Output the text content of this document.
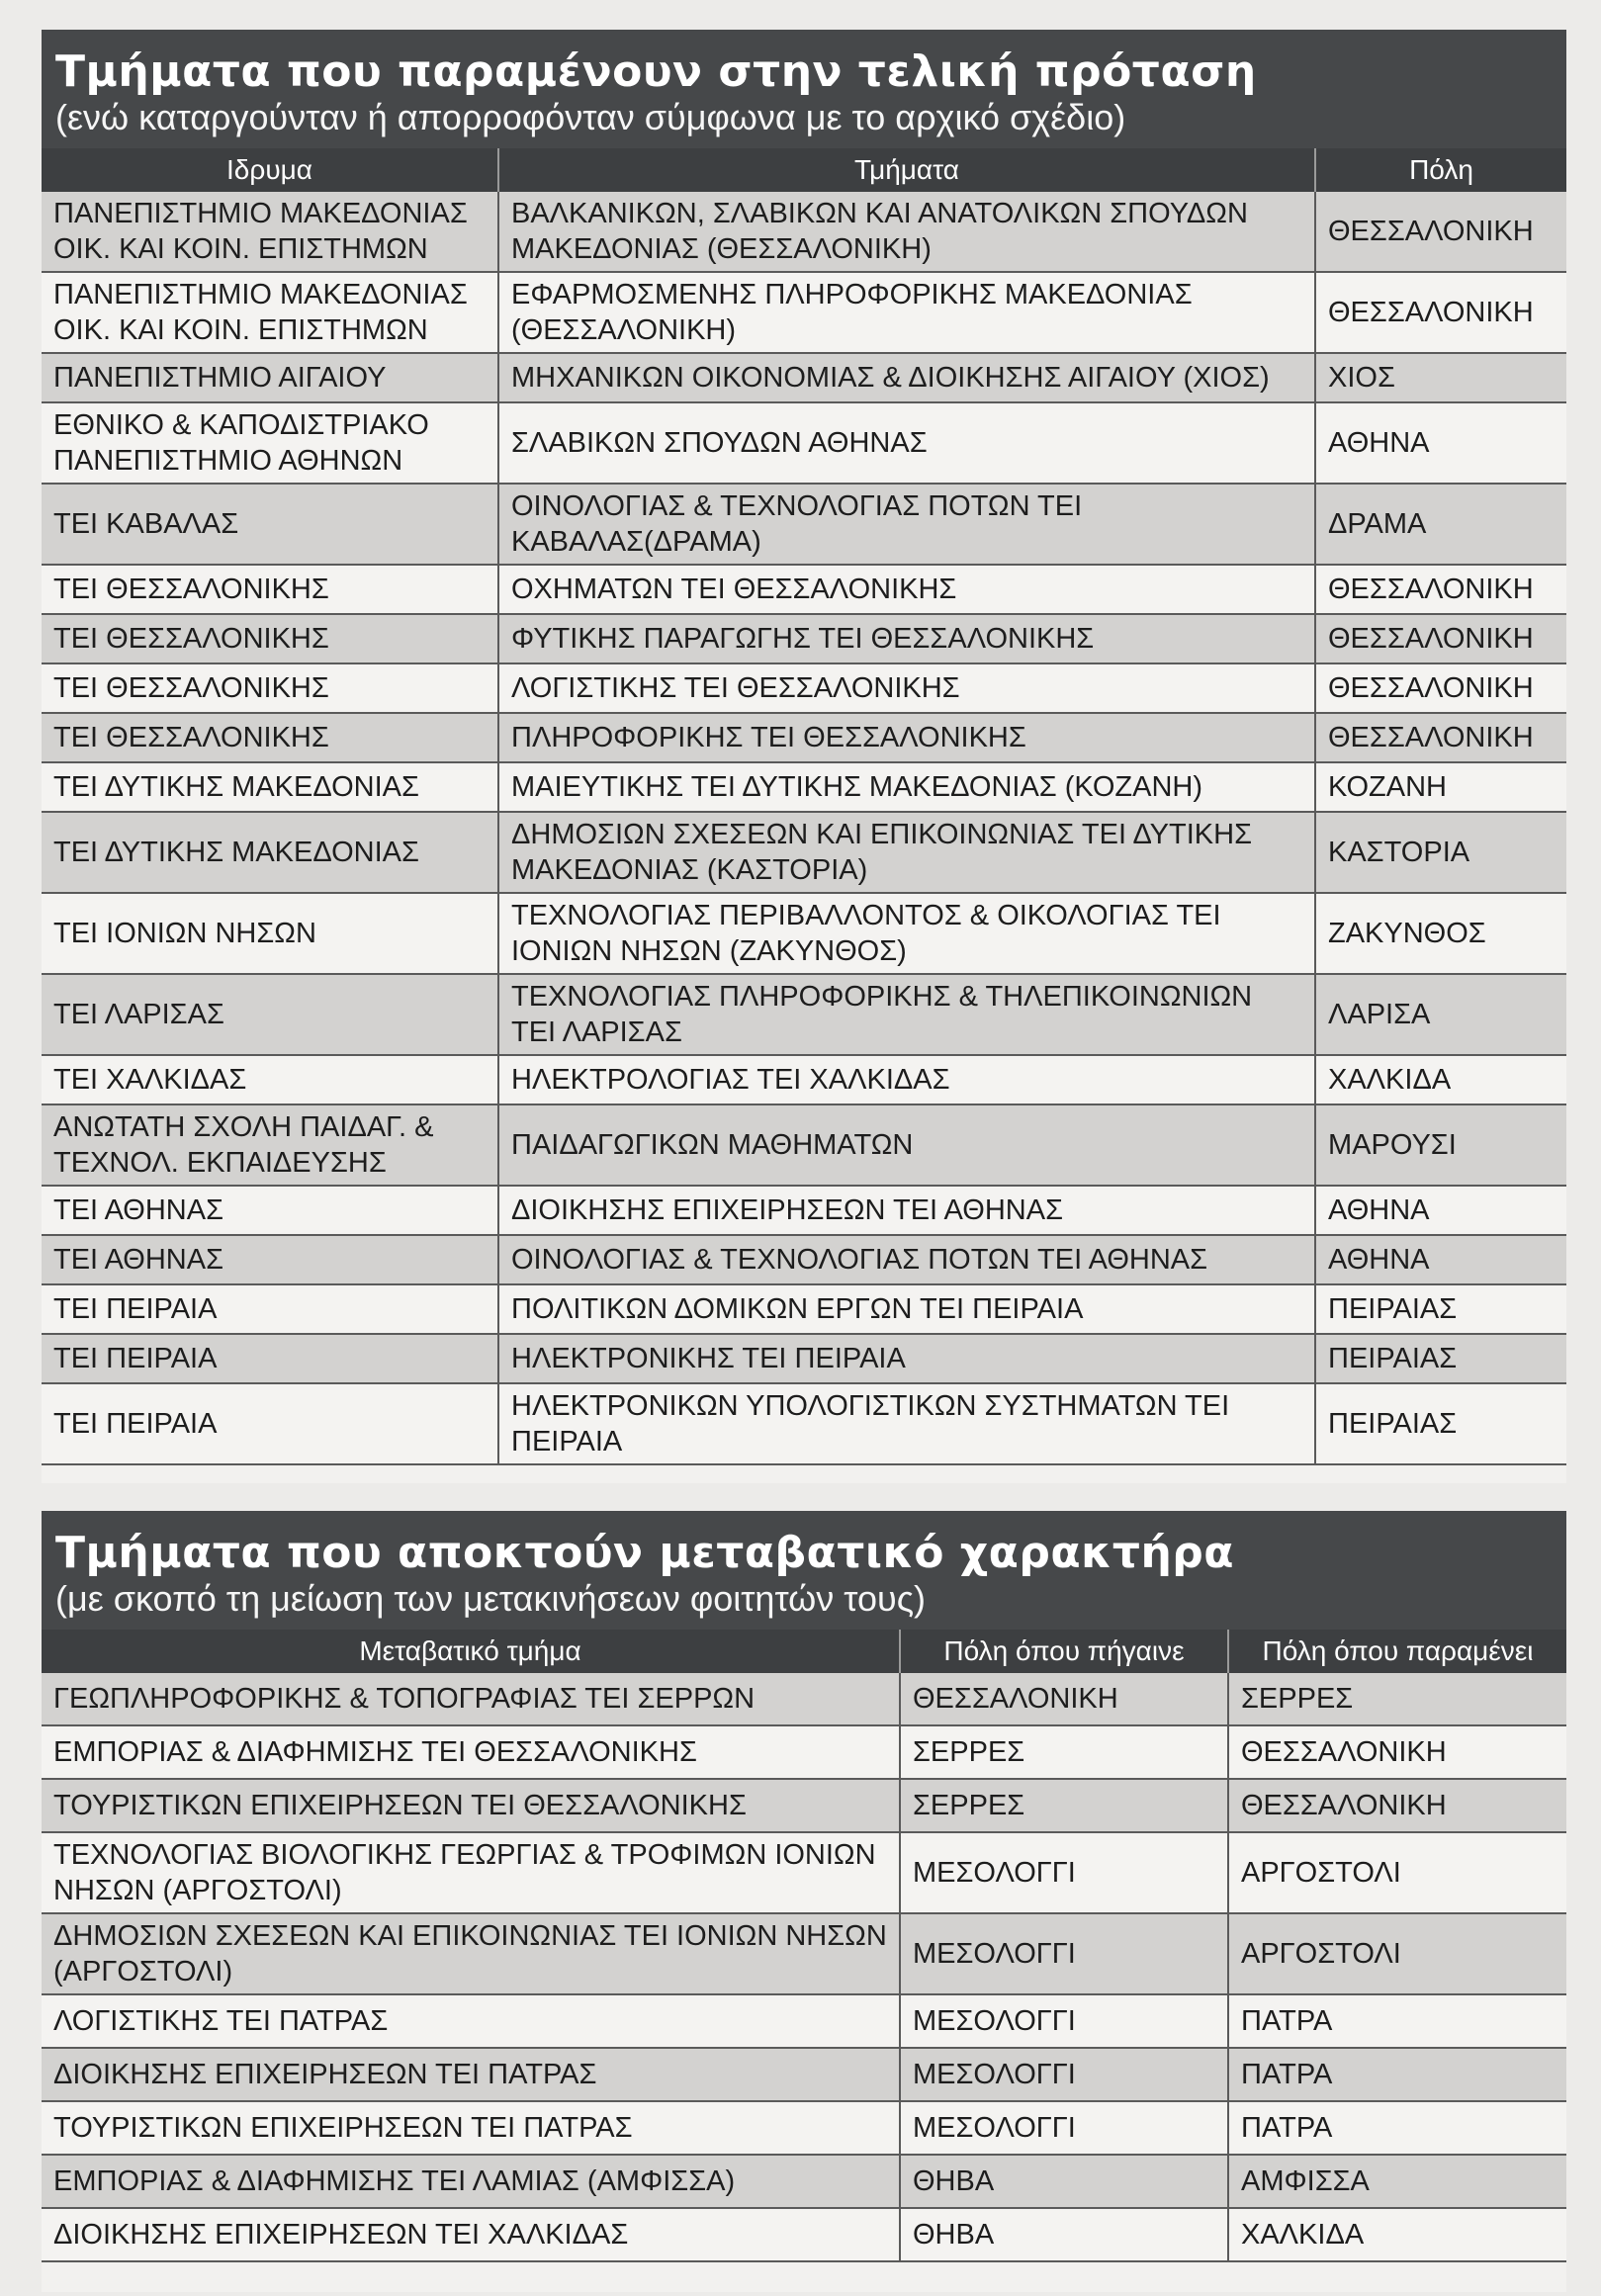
Τμήματα που παραμένουν στην τελική πρόταση
(ενώ καταργούνταν ή απορροφόνταν σύμφωνα με το αρχικό σχέδιο)
Ιδρυμα	Τμήματα	Πόλη
ΠΑΝΕΠΙΣΤΗΜΙΟ ΜΑΚΕΔΟΝΙΑΣ ΟΙΚ. ΚΑΙ ΚΟΙΝ. ΕΠΙΣΤΗΜΩΝ	ΒΑΛΚΑΝΙΚΩΝ, ΣΛΑΒΙΚΩΝ ΚΑΙ ΑΝΑΤΟΛΙΚΩΝ ΣΠΟΥΔΩΝ ΜΑΚΕΔΟΝΙΑΣ (ΘΕΣΣΑΛΟΝΙΚΗ)	ΘΕΣΣΑΛΟΝΙΚΗ
ΠΑΝΕΠΙΣΤΗΜΙΟ ΜΑΚΕΔΟΝΙΑΣ ΟΙΚ. ΚΑΙ ΚΟΙΝ. ΕΠΙΣΤΗΜΩΝ	ΕΦΑΡΜΟΣΜΕΝΗΣ ΠΛΗΡΟΦΟΡΙΚΗΣ ΜΑΚΕΔΟΝΙΑΣ (ΘΕΣΣΑΛΟΝΙΚΗ)	ΘΕΣΣΑΛΟΝΙΚΗ
ΠΑΝΕΠΙΣΤΗΜΙΟ ΑΙΓΑΙΟΥ	ΜΗΧΑΝΙΚΩΝ ΟΙΚΟΝΟΜΙΑΣ & ΔΙΟΙΚΗΣΗΣ ΑΙΓΑΙΟΥ (ΧΙΟΣ)	ΧΙΟΣ
ΕΘΝΙΚΟ & ΚΑΠΟΔΙΣΤΡΙΑΚΟ ΠΑΝΕΠΙΣΤΗΜΙΟ ΑΘΗΝΩΝ	ΣΛΑΒΙΚΩΝ ΣΠΟΥΔΩΝ ΑΘΗΝΑΣ	ΑΘΗΝΑ
ΤΕΙ ΚΑΒΑΛΑΣ	ΟΙΝΟΛΟΓΙΑΣ & ΤΕΧΝΟΛΟΓΙΑΣ ΠΟΤΩΝ ΤΕΙ ΚΑΒΑΛΑΣ(ΔΡΑΜΑ)	ΔΡΑΜΑ
ΤΕΙ ΘΕΣΣΑΛΟΝΙΚΗΣ	ΟΧΗΜΑΤΩΝ ΤΕΙ ΘΕΣΣΑΛΟΝΙΚΗΣ	ΘΕΣΣΑΛΟΝΙΚΗ
ΤΕΙ ΘΕΣΣΑΛΟΝΙΚΗΣ	ΦΥΤΙΚΗΣ ΠΑΡΑΓΩΓΗΣ ΤΕΙ ΘΕΣΣΑΛΟΝΙΚΗΣ	ΘΕΣΣΑΛΟΝΙΚΗ
ΤΕΙ ΘΕΣΣΑΛΟΝΙΚΗΣ	ΛΟΓΙΣΤΙΚΗΣ ΤΕΙ ΘΕΣΣΑΛΟΝΙΚΗΣ	ΘΕΣΣΑΛΟΝΙΚΗ
ΤΕΙ ΘΕΣΣΑΛΟΝΙΚΗΣ	ΠΛΗΡΟΦΟΡΙΚΗΣ ΤΕΙ ΘΕΣΣΑΛΟΝΙΚΗΣ	ΘΕΣΣΑΛΟΝΙΚΗ
ΤΕΙ ΔΥΤΙΚΗΣ ΜΑΚΕΔΟΝΙΑΣ	ΜΑΙΕΥΤΙΚΗΣ ΤΕΙ ΔΥΤΙΚΗΣ ΜΑΚΕΔΟΝΙΑΣ (ΚΟΖΑΝΗ)	ΚΟΖΑΝΗ
ΤΕΙ ΔΥΤΙΚΗΣ ΜΑΚΕΔΟΝΙΑΣ	ΔΗΜΟΣΙΩΝ ΣΧΕΣΕΩΝ ΚΑΙ ΕΠΙΚΟΙΝΩΝΙΑΣ ΤΕΙ ΔΥΤΙΚΗΣ ΜΑΚΕΔΟΝΙΑΣ (ΚΑΣΤΟΡΙΑ)	ΚΑΣΤΟΡΙΑ
ΤΕΙ ΙΟΝΙΩΝ ΝΗΣΩΝ	ΤΕΧΝΟΛΟΓΙΑΣ ΠΕΡΙΒΑΛΛΟΝΤΟΣ & ΟΙΚΟΛΟΓΙΑΣ ΤΕΙ ΙΟΝΙΩΝ ΝΗΣΩΝ (ΖΑΚΥΝΘΟΣ)	ΖΑΚΥΝΘΟΣ
ΤΕΙ ΛΑΡΙΣΑΣ	ΤΕΧΝΟΛΟΓΙΑΣ ΠΛΗΡΟΦΟΡΙΚΗΣ & ΤΗΛΕΠΙΚΟΙΝΩΝΙΩΝ ΤΕΙ ΛΑΡΙΣΑΣ	ΛΑΡΙΣΑ
ΤΕΙ ΧΑΛΚΙΔΑΣ	ΗΛΕΚΤΡΟΛΟΓΙΑΣ ΤΕΙ ΧΑΛΚΙΔΑΣ	ΧΑΛΚΙΔΑ
ΑΝΩΤΑΤΗ ΣΧΟΛΗ ΠΑΙΔΑΓ. & ΤΕΧΝΟΛ. ΕΚΠΑΙΔΕΥΣΗΣ	ΠΑΙΔΑΓΩΓΙΚΩΝ ΜΑΘΗΜΑΤΩΝ	ΜΑΡΟΥΣΙ
ΤΕΙ ΑΘΗΝΑΣ	ΔΙΟΙΚΗΣΗΣ ΕΠΙΧΕΙΡΗΣΕΩΝ ΤΕΙ ΑΘΗΝΑΣ	ΑΘΗΝΑ
ΤΕΙ ΑΘΗΝΑΣ	ΟΙΝΟΛΟΓΙΑΣ & ΤΕΧΝΟΛΟΓΙΑΣ ΠΟΤΩΝ ΤΕΙ ΑΘΗΝΑΣ	ΑΘΗΝΑ
ΤΕΙ ΠΕΙΡΑΙΑ	ΠΟΛΙΤΙΚΩΝ ΔΟΜΙΚΩΝ ΕΡΓΩΝ ΤΕΙ ΠΕΙΡΑΙΑ	ΠΕΙΡΑΙΑΣ
ΤΕΙ ΠΕΙΡΑΙΑ	ΗΛΕΚΤΡΟΝΙΚΗΣ ΤΕΙ ΠΕΙΡΑΙΑ	ΠΕΙΡΑΙΑΣ
ΤΕΙ ΠΕΙΡΑΙΑ	ΗΛΕΚΤΡΟΝΙΚΩΝ ΥΠΟΛΟΓΙΣΤΙΚΩΝ ΣΥΣΤΗΜΑΤΩΝ ΤΕΙ ΠΕΙΡΑΙΑ	ΠΕΙΡΑΙΑΣ
Τμήματα που αποκτούν μεταβατικό χαρακτήρα
(με σκοπό τη μείωση των μετακινήσεων φοιτητών τους)
Μεταβατικό τμήμα	Πόλη όπου πήγαινε	Πόλη όπου παραμένει
ΓΕΩΠΛΗΡΟΦΟΡΙΚΗΣ & ΤΟΠΟΓΡΑΦΙΑΣ ΤΕΙ ΣΕΡΡΩΝ	ΘΕΣΣΑΛΟΝΙΚΗ	ΣΕΡΡΕΣ
ΕΜΠΟΡΙΑΣ & ΔΙΑΦΗΜΙΣΗΣ ΤΕΙ ΘΕΣΣΑΛΟΝΙΚΗΣ	ΣΕΡΡΕΣ	ΘΕΣΣΑΛΟΝΙΚΗ
ΤΟΥΡΙΣΤΙΚΩΝ ΕΠΙΧΕΙΡΗΣΕΩΝ ΤΕΙ ΘΕΣΣΑΛΟΝΙΚΗΣ	ΣΕΡΡΕΣ	ΘΕΣΣΑΛΟΝΙΚΗ
ΤΕΧΝΟΛΟΓΙΑΣ ΒΙΟΛΟΓΙΚΗΣ ΓΕΩΡΓΙΑΣ & ΤΡΟΦΙΜΩΝ ΙΟΝΙΩΝ ΝΗΣΩΝ (ΑΡΓΟΣΤΟΛΙ)	ΜΕΣΟΛΟΓΓΙ	ΑΡΓΟΣΤΟΛΙ
ΔΗΜΟΣΙΩΝ ΣΧΕΣΕΩΝ ΚΑΙ ΕΠΙΚΟΙΝΩΝΙΑΣ ΤΕΙ ΙΟΝΙΩΝ ΝΗΣΩΝ (ΑΡΓΟΣΤΟΛΙ)	ΜΕΣΟΛΟΓΓΙ	ΑΡΓΟΣΤΟΛΙ
ΛΟΓΙΣΤΙΚΗΣ ΤΕΙ ΠΑΤΡΑΣ	ΜΕΣΟΛΟΓΓΙ	ΠΑΤΡΑ
ΔΙΟΙΚΗΣΗΣ ΕΠΙΧΕΙΡΗΣΕΩΝ ΤΕΙ ΠΑΤΡΑΣ	ΜΕΣΟΛΟΓΓΙ	ΠΑΤΡΑ
ΤΟΥΡΙΣΤΙΚΩΝ ΕΠΙΧΕΙΡΗΣΕΩΝ ΤΕΙ ΠΑΤΡΑΣ	ΜΕΣΟΛΟΓΓΙ	ΠΑΤΡΑ
ΕΜΠΟΡΙΑΣ & ΔΙΑΦΗΜΙΣΗΣ ΤΕΙ ΛΑΜΙΑΣ (ΑΜΦΙΣΣΑ)	ΘΗΒΑ	ΑΜΦΙΣΣΑ
ΔΙΟΙΚΗΣΗΣ ΕΠΙΧΕΙΡΗΣΕΩΝ ΤΕΙ ΧΑΛΚΙΔΑΣ	ΘΗΒΑ	ΧΑΛΚΙΔΑ
